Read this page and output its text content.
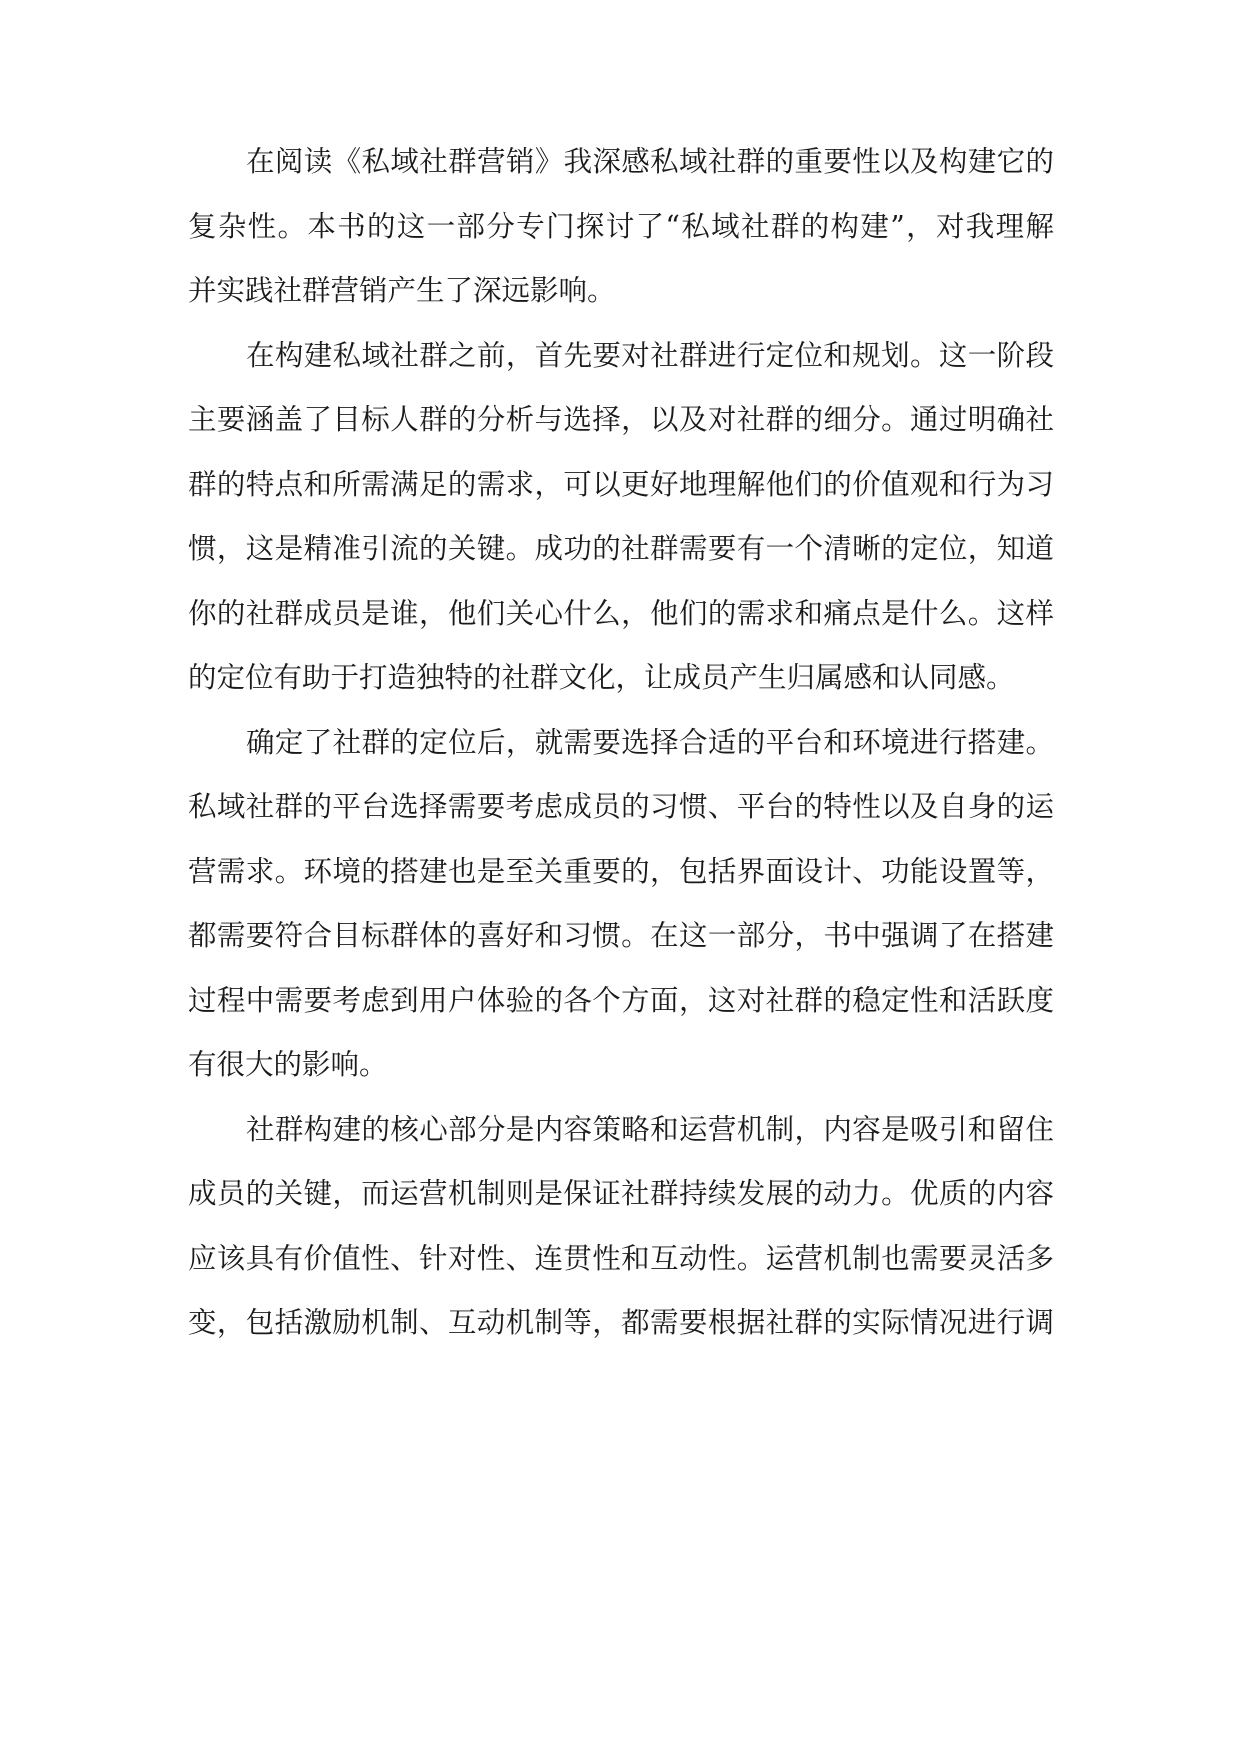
在阅读《私域社群营销》我深感私域社群的重要性以及构建它的
复杂性。本书的这一部分专门探讨了“私域社群的构建”，对我理解
并实践社群营销产生了深远影响。
在构建私域社群之前，首先要对社群进行定位和规划。这一阶段
主要涵盖了目标人群的分析与选择，以及对社群的细分。通过明确社
群的特点和所需满足的需求，可以更好地理解他们的价值观和行为习
惯，这是精准引流的关键。成功的社群需要有一个清晰的定位，知道
你的社群成员是谁，他们关心什么，他们的需求和痛点是什么。这样
的定位有助于打造独特的社群文化，让成员产生归属感和认同感。
确定了社群的定位后，就需要选择合适的平台和环境进行搭建。
私域社群的平台选择需要考虑成员的习惯、平台的特性以及自身的运
营需求。环境的搭建也是至关重要的，包括界面设计、功能设置等，
都需要符合目标群体的喜好和习惯。在这一部分，书中强调了在搭建
过程中需要考虑到用户体验的各个方面，这对社群的稳定性和活跃度
有很大的影响。
社群构建的核心部分是内容策略和运营机制，内容是吸引和留住
成员的关键，而运营机制则是保证社群持续发展的动力。优质的内容
应该具有价值性、针对性、连贯性和互动性。运营机制也需要灵活多
变，包括激励机制、互动机制等，都需要根据社群的实际情况进行调
